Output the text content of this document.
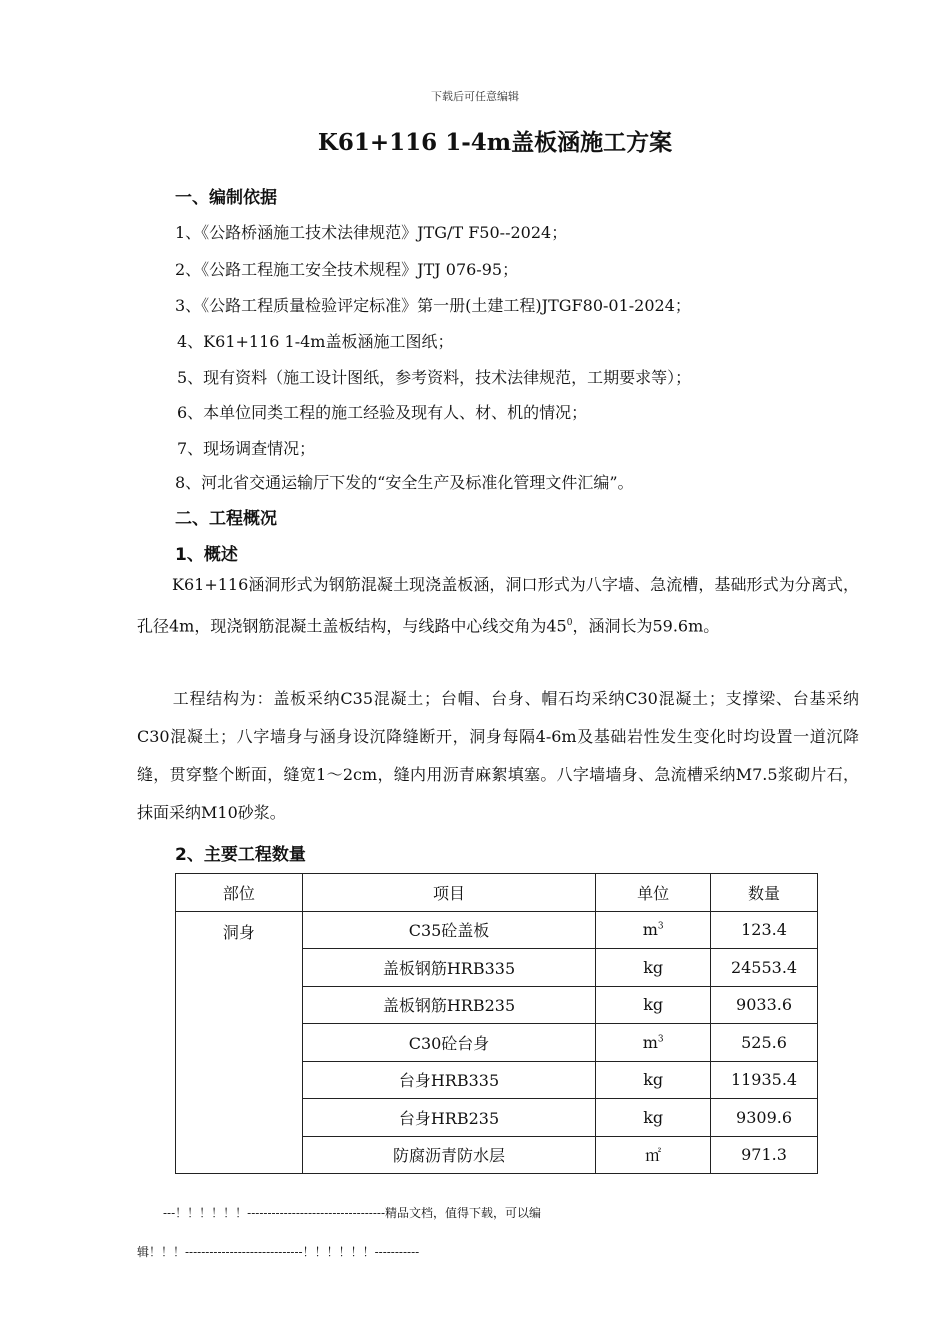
下载后可任意编辑
K61+116 1-4m盖板涵施工方案
一、编制依据
1、《公路桥涵施工技术法律规范》JTG/T F50--2024；
2、《公路工程施工安全技术规程》JTJ 076-95；
3、《公路工程质量检验评定标准》第一册(土建工程)JTGF80-01-2024；
4、K61+116 1-4m盖板涵施工图纸；
5、现有资料（施工设计图纸，参考资料，技术法律规范，工期要求等）；
6、本单位同类工程的施工经验及现有人、材、机的情况；
7、现场调查情况；
8、河北省交通运输厅下发的“安全生产及标准化管理文件汇编”。
二、工程概况
1、概述
K61+116涵洞形式为钢筋混凝土现浇盖板涵，洞口形式为八字墙、急流槽，基础形式为分离式，孔径4m，现浇钢筋混凝土盖板结构，与线路中心线交角为$45^0$，涵洞长为59.6m。
工程结构为：盖板采纳C35混凝土；台帽、台身、帽石均采纳C30混凝土；支撑梁、台基采纳C30混凝土；八字墙身与涵身设沉降缝断开，洞身每隔4-6m及基础岩性发生变化时均设置一道沉降缝，贯穿整个断面，缝宽1～2cm，缝内用沥青麻絮填塞。八字墙墙身、急流槽采纳M7.5浆砌片石，抹面采纳M10砂浆。
2、主要工程数量
部位	项目	单位	数量
洞身	C35砼盖板	$m^3$	123.4
	盖板钢筋HRB335	kg	24553.4
	盖板钢筋HRB235	kg	9033.6
	C30砼台身	$m^3$	525.6
	台身HRB335	kg	11935.4
	台身HRB235	kg	9309.6
	防腐沥青防水层	㎡	971.3
---！！！！！！----------------------------------精品文档，值得下载，可以编
辑！！！-----------------------------！！！！！！-----------
